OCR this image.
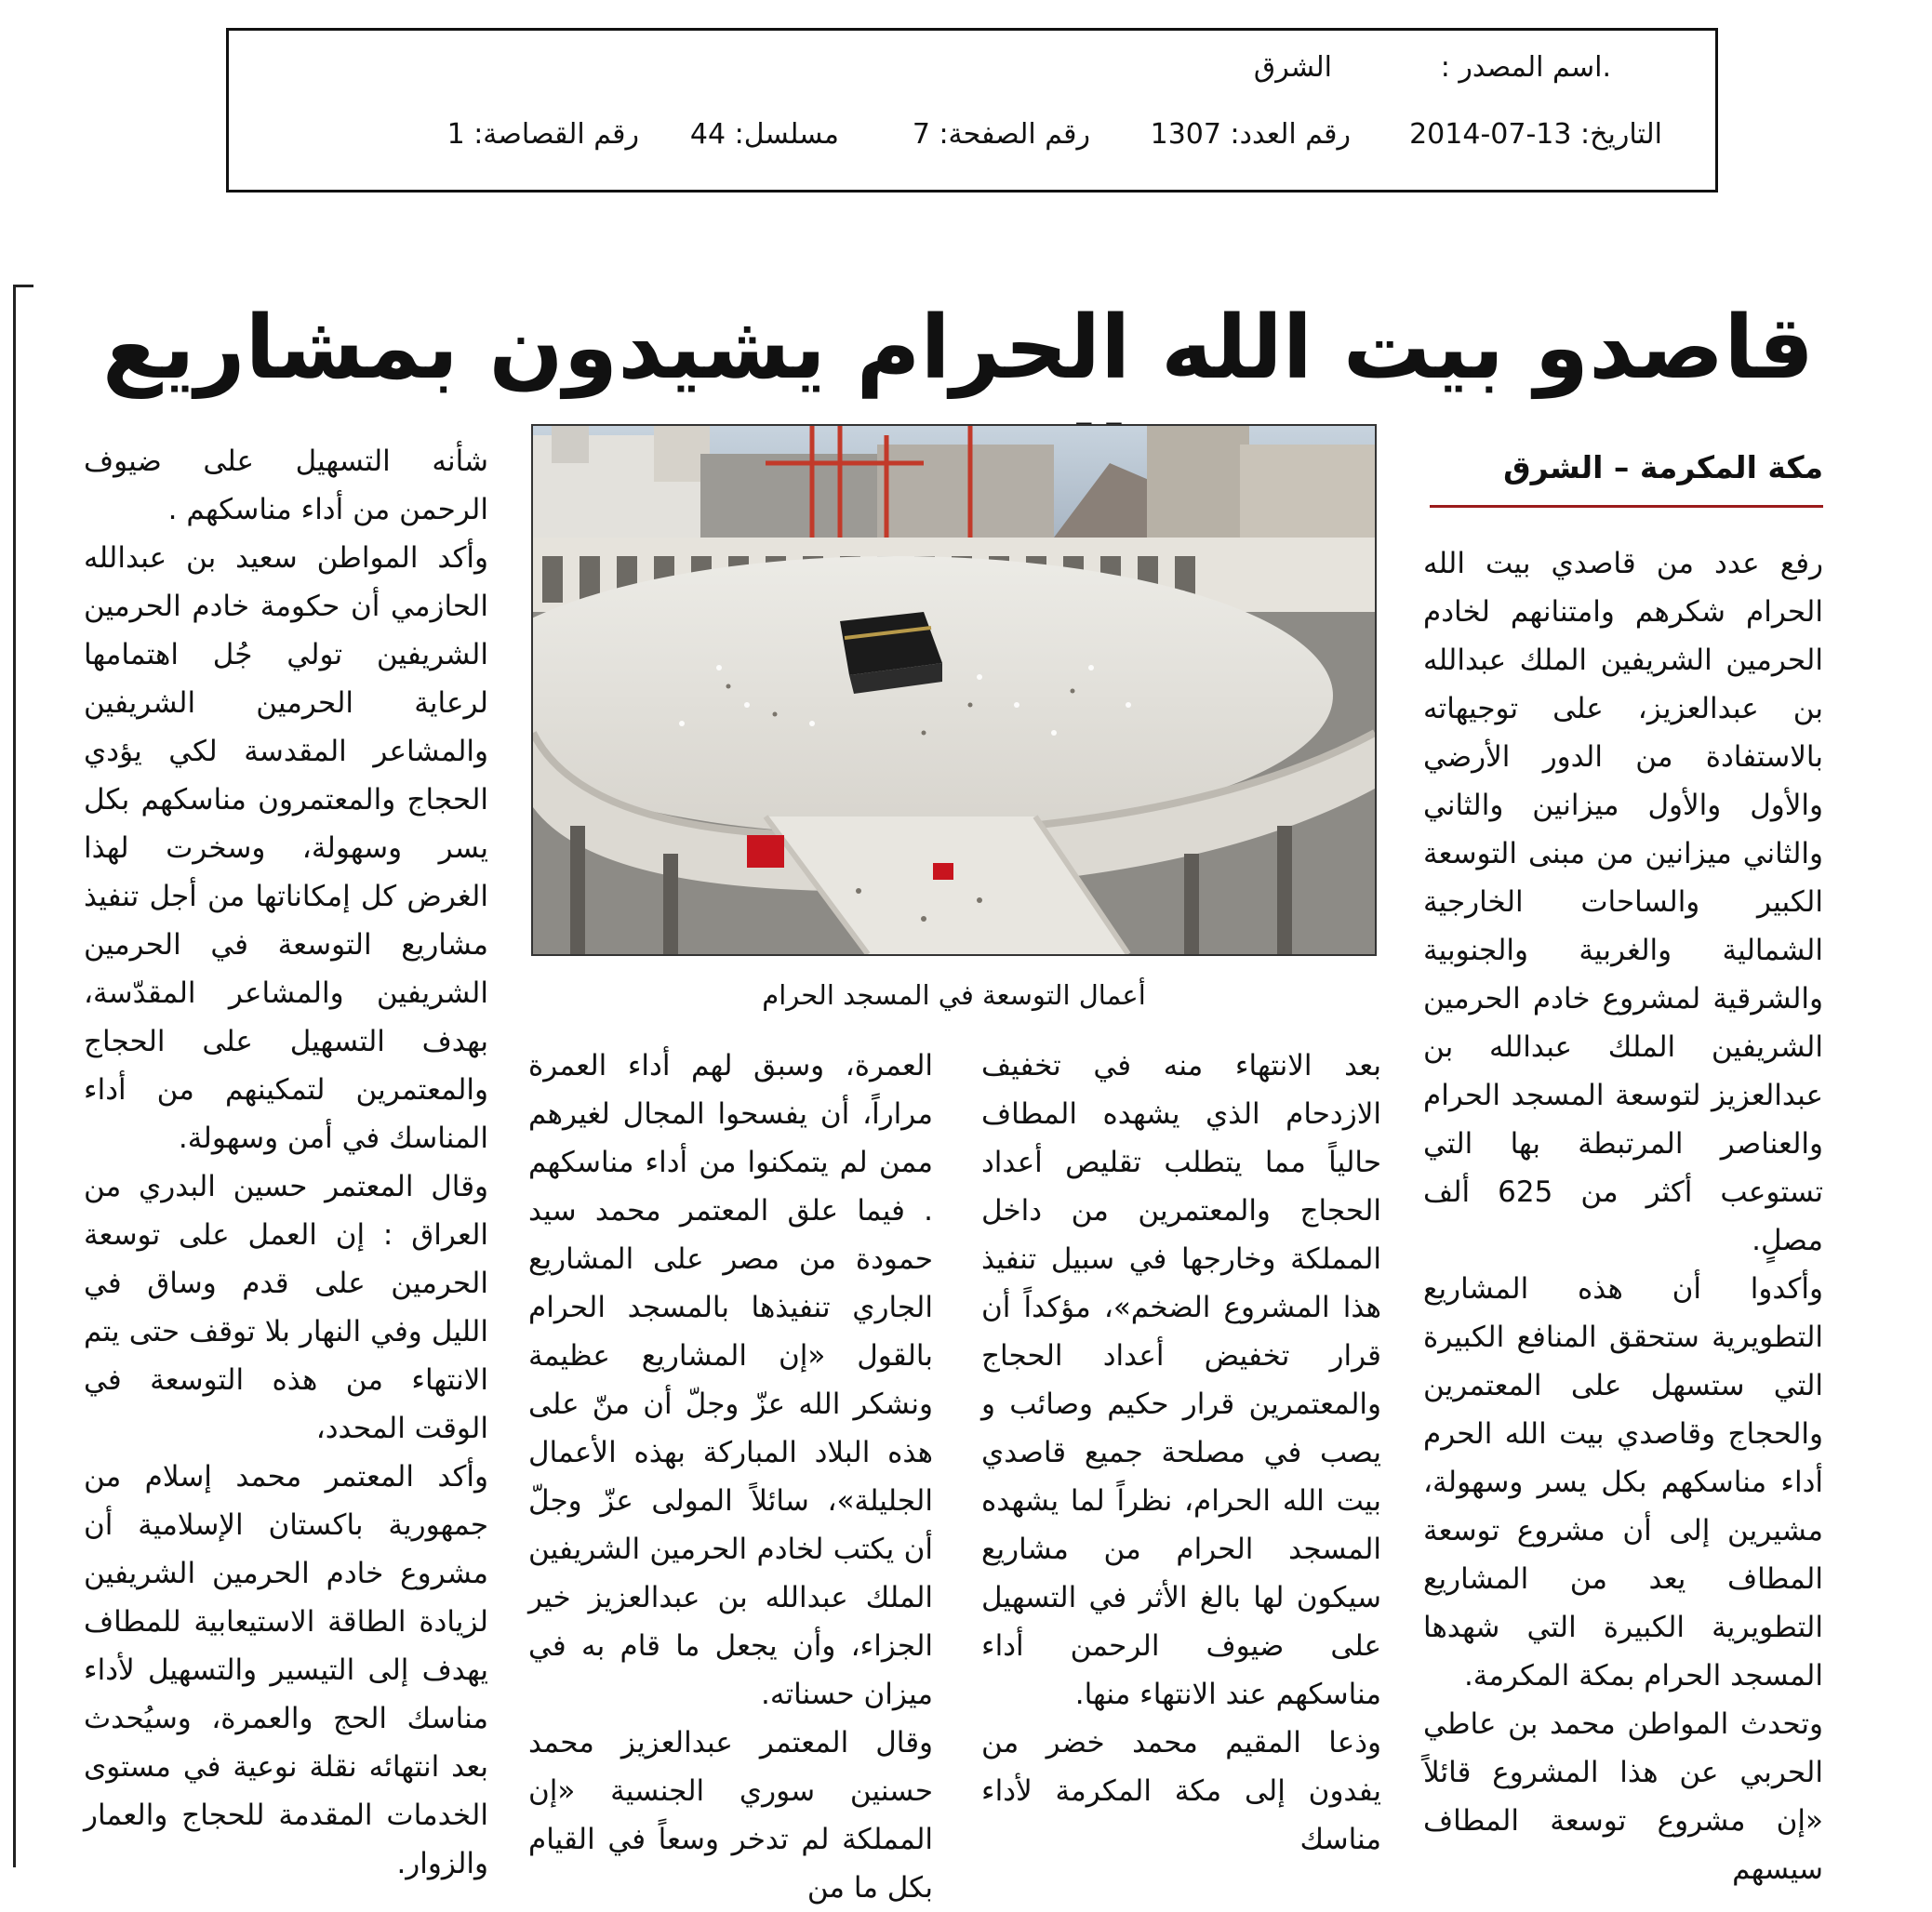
.اسم المصدر :
الشرق
التاريخ: 13-07-2014
رقم العدد: 1307
رقم الصفحة: 7
مسلسل: 44
رقم القصاصة: 1
قاصدو بيت الله الحرام يشيدون بمشاريع
مكة المكرمة – الشرق
أعمال التوسعة في المسجد الحرام

رفع عدد من قاصدي بيت الله الحرام شكرهم وامتنانهم لخادم الحرمين الشريفين الملك عبدالله بن عبدالعزيز، على توجيهاته بالاستفادة من الدور الأرضي والأول والأول ميزانين والثاني والثاني ميزانين من مبنى التوسعة الكبير والساحات الخارجية الشمالية والغربية والجنوبية والشرقية لمشروع خادم الحرمين الشريفين الملك عبدالله بن عبدالعزيز لتوسعة المسجد الحرام والعناصر المرتبطة بها التي تستوعب أكثر من 625 ألف مصلٍ.

وأكدوا أن هذه المشاريع التطويرية ستحقق المنافع الكبيرة التي ستسهل على المعتمرين والحجاج وقاصدي بيت الله الحرم أداء مناسكهم بكل يسر وسهولة، مشيرين إلى أن مشروع توسعة المطاف يعد من المشاريع التطويرية الكبيرة التي شهدها المسجد الحرام بمكة المكرمة.

وتحدث المواطن محمد بن عاطي الحربي عن هذا المشروع قائلاً «إن مشروع توسعة المطاف سيسهم

بعد الانتهاء منه في تخفيف الازدحام الذي يشهده المطاف حالياً مما يتطلب تقليص أعداد الحجاج والمعتمرين من داخل المملكة وخارجها في سبيل تنفيذ هذا المشروع الضخم»، مؤكداً أن قرار تخفيض أعداد الحجاج والمعتمرين قرار حكيم وصائب و يصب في مصلحة جميع قاصدي بيت الله الحرام، نظراً لما يشهده المسجد الحرام من مشاريع سيكون لها بالغ الأثر في التسهيل على ضيوف الرحمن أداء مناسكهم عند الانتهاء منها.

وذعا المقيم محمد خضر من يفدون إلى مكة المكرمة لأداء مناسك

العمرة، وسبق لهم أداء العمرة مراراً، أن يفسحوا المجال لغيرهم ممن لم يتمكنوا من أداء مناسكهم . فيما علق المعتمر محمد سيد حمودة من مصر على المشاريع الجاري تنفيذها بالمسجد الحرام بالقول «إن المشاريع عظيمة ونشكر الله عزّ وجلّ أن منّ على هذه البلاد المباركة بهذه الأعمال الجليلة»، سائلاً المولى عزّ وجلّ أن يكتب لخادم الحرمين الشريفين الملك عبدالله بن عبدالعزيز خير الجزاء، وأن يجعل ما قام به في ميزان حسناته.

وقال المعتمر عبدالعزيز محمد حسنين سوري الجنسية «إن المملكة لم تدخر وسعاً في القيام بكل ما من

شأنه التسهيل على ضيوف الرحمن من أداء مناسكهم .

وأكد المواطن سعيد بن عبدالله الحازمي أن حكومة خادم الحرمين الشريفين تولي جُل اهتمامها لرعاية الحرمين الشريفين والمشاعر المقدسة لكي يؤدي الحجاج والمعتمرون مناسكهم بكل يسر وسهولة، وسخرت لهذا الغرض كل إمكاناتها من أجل تنفيذ مشاريع التوسعة في الحرمين الشريفين والمشاعر المقدّسة، بهدف التسهيل على الحجاج والمعتمرين لتمكينهم من أداء المناسك في أمن وسهولة.

وقال المعتمر حسين البدري من العراق : إن العمل على توسعة الحرمين على قدم وساق في الليل وفي النهار بلا توقف حتى يتم الانتهاء من هذه التوسعة في الوقت المحدد،

وأكد المعتمر محمد إسلام من جمهورية باكستان الإسلامية أن مشروع خادم الحرمين الشريفين لزيادة الطاقة الاستيعابية للمطاف يهدف إلى التيسير والتسهيل لأداء مناسك الحج والعمرة، وسيُحدث بعد انتهائه نقلة نوعية في مستوى الخدمات المقدمة للحجاج والعمار والزوار.
